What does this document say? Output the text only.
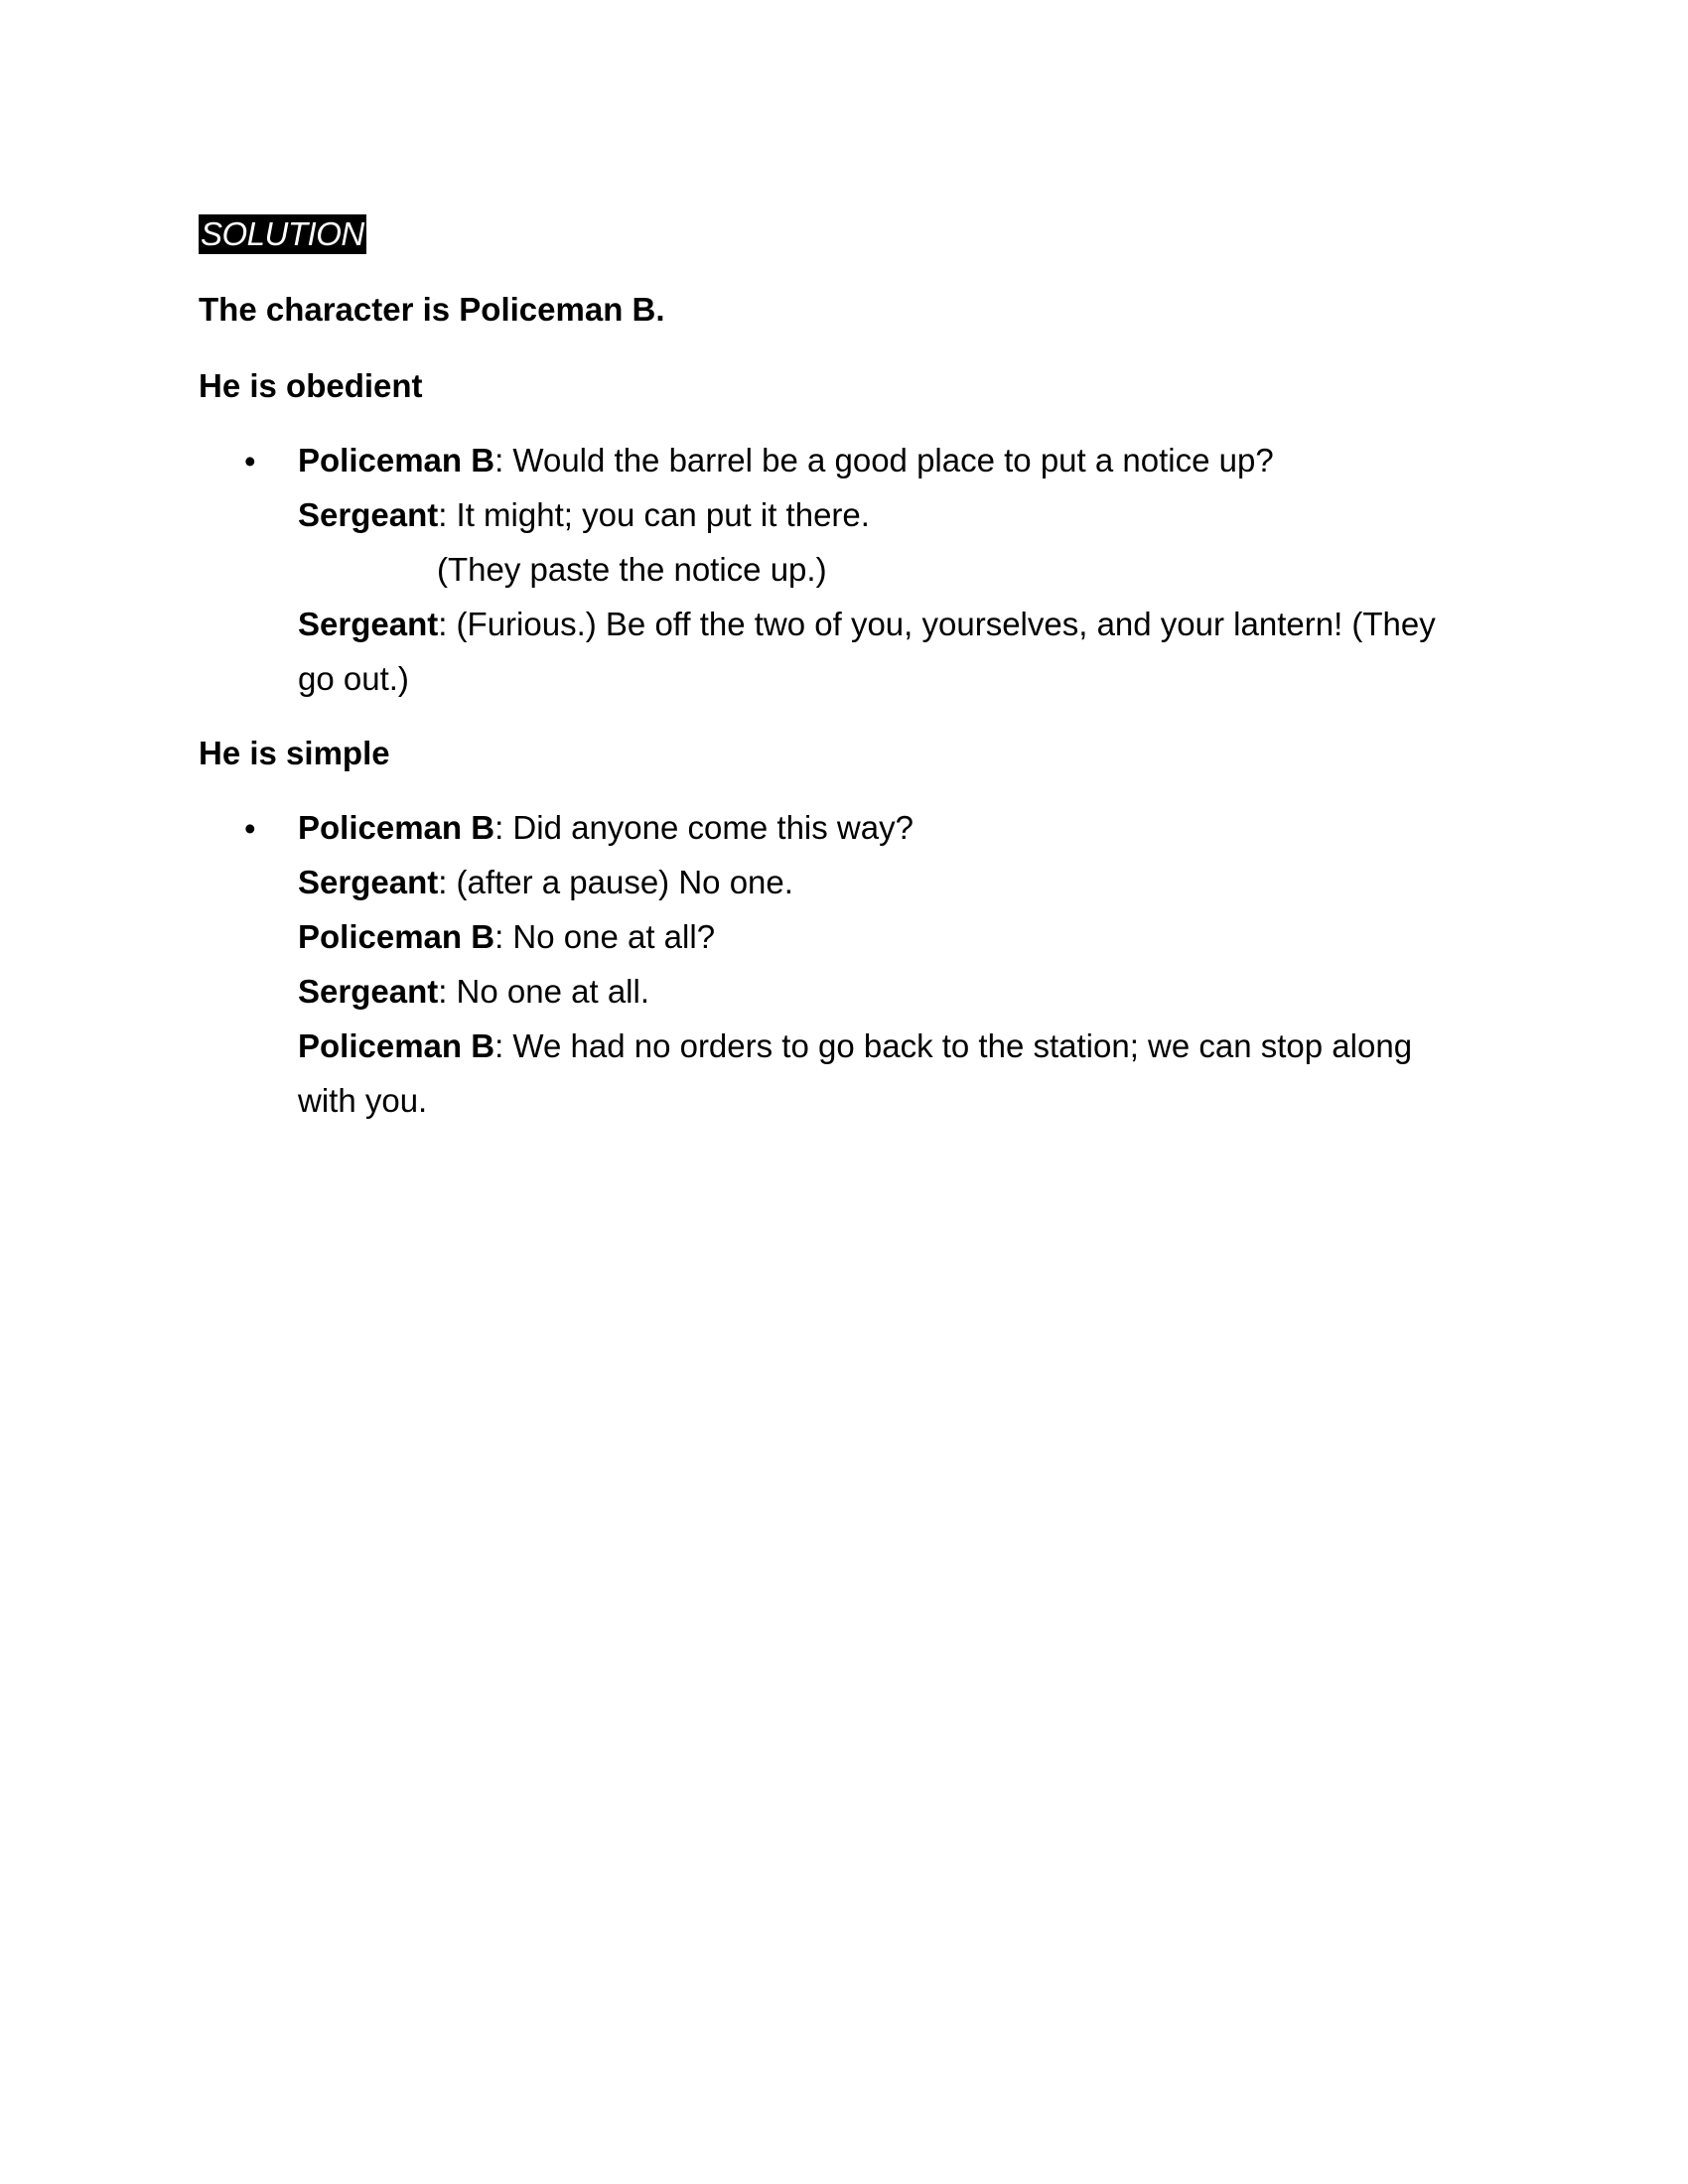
SOLUTION
The character is Policeman B.
He is obedient
• Policeman B: Would the barrel be a good place to put a notice up?
Sergeant: It might; you can put it there.
(They paste the notice up.)
Sergeant: (Furious.) Be off the two of you, yourselves, and your lantern! (They
go out.)
He is simple
• Policeman B: Did anyone come this way?
Sergeant: (after a pause) No one.
Policeman B: No one at all?
Sergeant: No one at all.
Policeman B: We had no orders to go back to the station; we can stop along
with you.
